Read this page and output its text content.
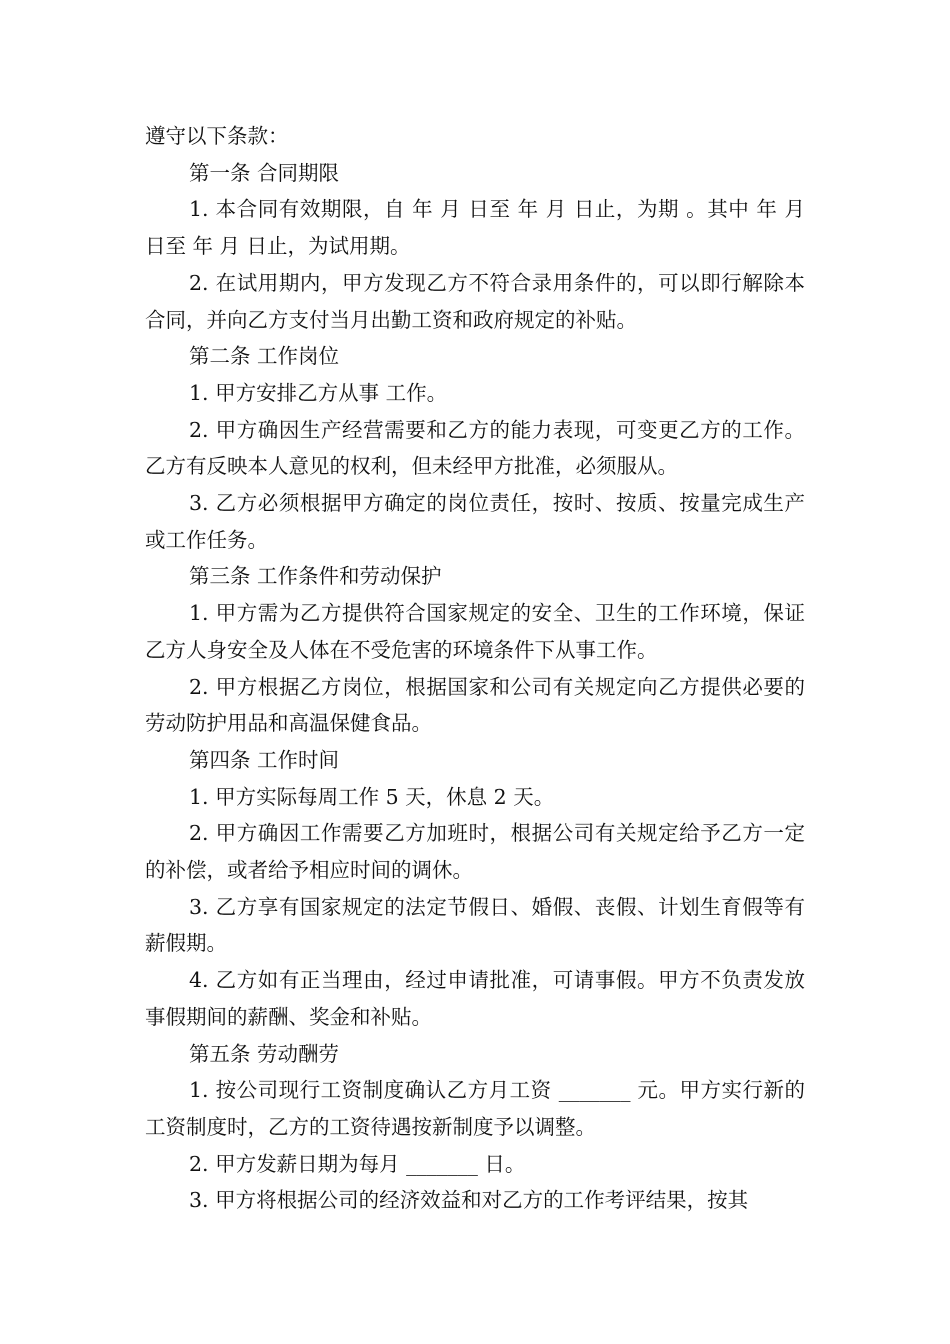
遵守以下条款：

第一条 合同期限

1. 本合同有效期限，自 年 月 日至 年 月 日止，为期 。其中 年 月 日至 年 月 日止，为试用期。

2. 在试用期内，甲方发现乙方不符合录用条件的，可以即行解除本合同，并向乙方支付当月出勤工资和政府规定的补贴。

第二条 工作岗位

1. 甲方安排乙方从事 工作。

2. 甲方确因生产经营需要和乙方的能力表现，可变更乙方的工作。乙方有反映本人意见的权利，但未经甲方批准，必须服从。

3. 乙方必须根据甲方确定的岗位责任，按时、按质、按量完成生产或工作任务。

第三条 工作条件和劳动保护

1. 甲方需为乙方提供符合国家规定的安全、卫生的工作环境，保证乙方人身安全及人体在不受危害的环境条件下从事工作。

2. 甲方根据乙方岗位，根据国家和公司有关规定向乙方提供必要的劳动防护用品和高温保健食品。

第四条 工作时间

1. 甲方实际每周工作 5 天，休息 2 天。

2. 甲方确因工作需要乙方加班时，根据公司有关规定给予乙方一定的补偿，或者给予相应时间的调休。

3. 乙方享有国家规定的法定节假日、婚假、丧假、计划生育假等有薪假期。

4. 乙方如有正当理由，经过申请批准，可请事假。甲方不负责发放事假期间的薪酬、奖金和补贴。

第五条 劳动酬劳

1. 按公司现行工资制度确认乙方月工资 _______ 元。甲方实行新的工资制度时，乙方的工资待遇按新制度予以调整。

2. 甲方发薪日期为每月 _______ 日。

3. 甲方将根据公司的经济效益和对乙方的工作考评结果，按其
